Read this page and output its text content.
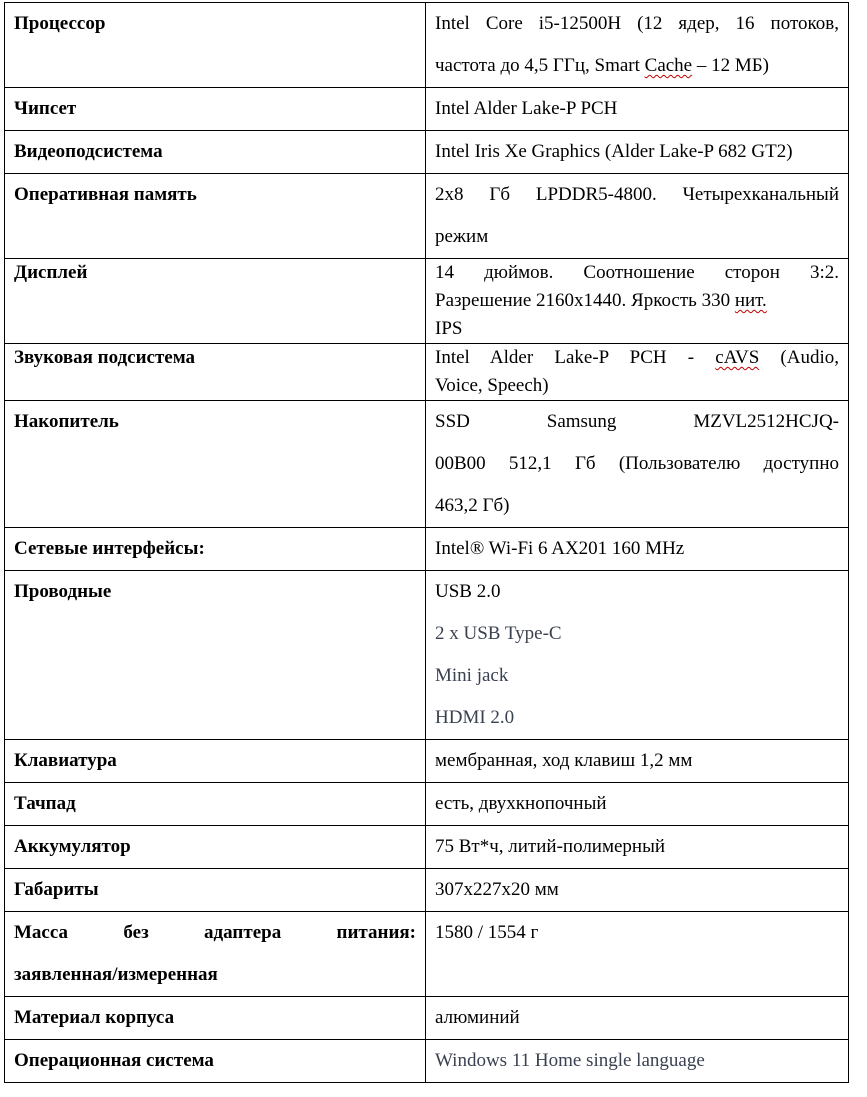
Процессор	Intel Core i5-12500H (12 ядер, 16 потоков,
частота до 4,5 ГГц, Smart Cache – 12 МБ)

Чипсет	Intel Alder Lake-P PCH
Видеоподсистема	Intel Iris Xe Graphics (Alder Lake-P 682 GT2)
Оперативная память	2x8 Гб LPDDR5-4800. Четырехканальный
режим

Дисплей	14 дюймов. Соотношение сторон 3:2.
Разрешение 2160x1440. Яркость 330 нит.
IPS

Звуковая подсистема	Intel Alder Lake-P PCH - cAVS (Audio,
Voice, Speech)

Накопитель	SSD Samsung MZVL2512HCJQ-
00B00 512,1 Гб (Пользователю доступно
463,2 Гб)

Сетевые интерфейсы:	Intel® Wi-Fi 6 AX201 160 MHz
Проводные	USB 2.0
2 x USB Type-C
Mini jack
HDMI 2.0

Клавиатура	мембранная, ход клавиш 1,2 мм
Тачпад	есть, двухкнопочный
Аккумулятор	75 Вт*ч, литий-полимерный
Габариты	307x227x20 мм

Масса без адаптера питания:
заявленная/измеренная	1580 / 1554 г
Материал корпуса	алюминий
Операционная система	Windows 11 Home single language
